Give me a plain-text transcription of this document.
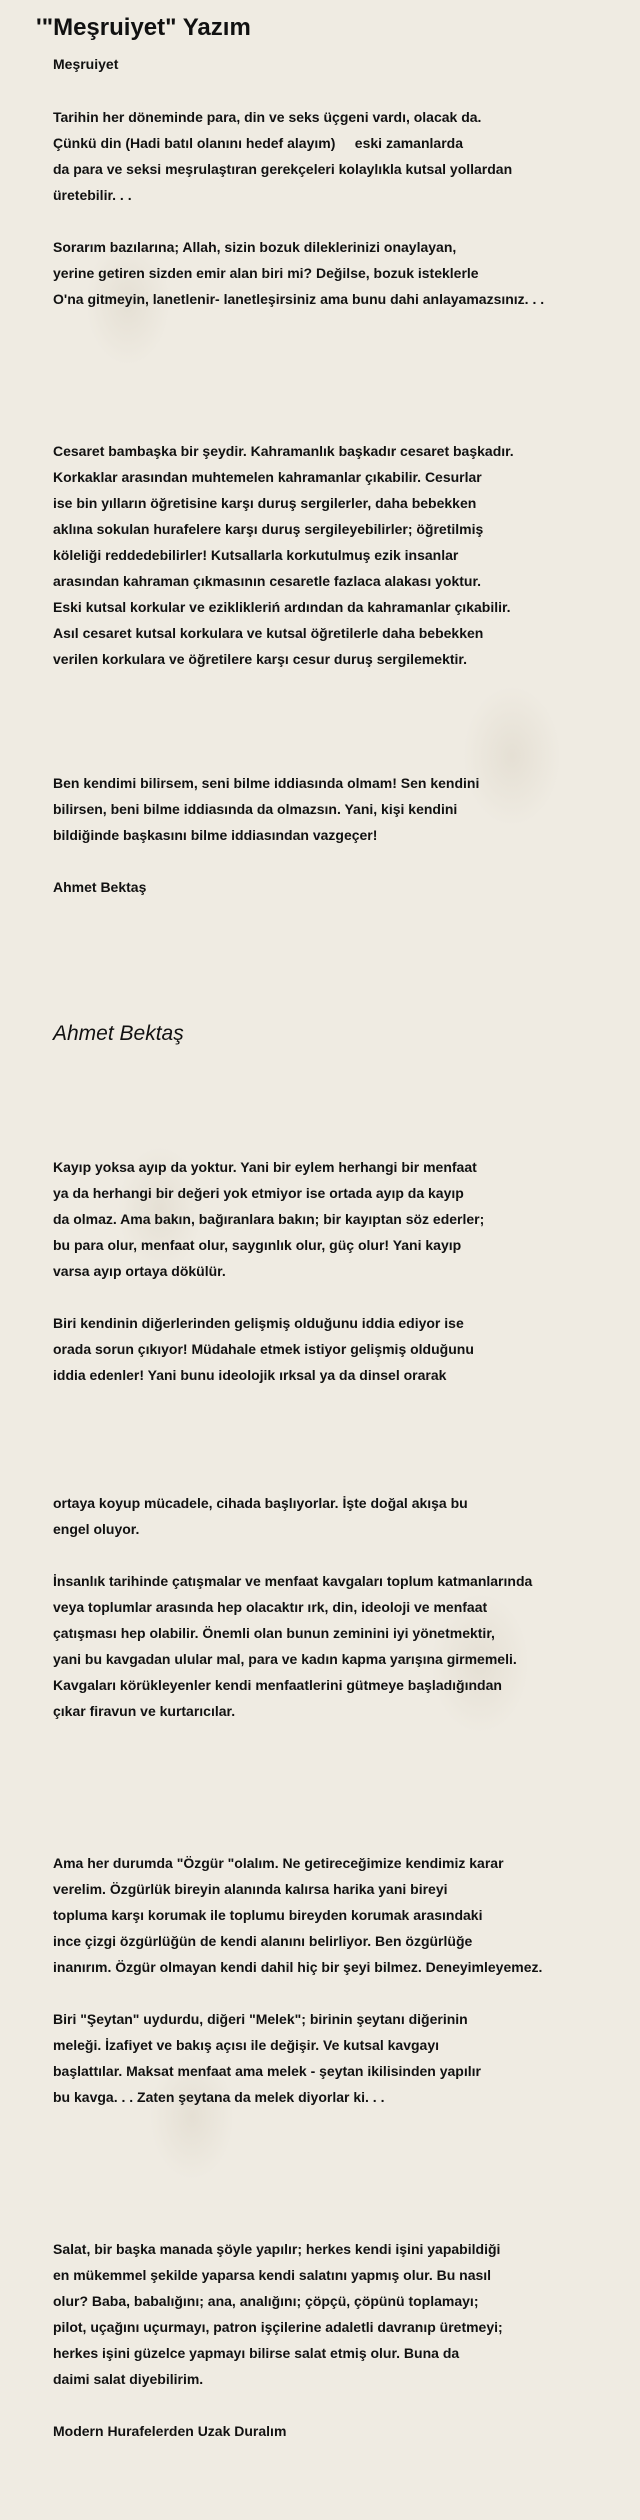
'"Meşruiyet" Yazım
Meşruiyet
Tarihin her döneminde para, din ve seks üçgeni vardı, olacak da.
Çünkü din (Hadi batıl olanını hedef alayım)     eski zamanlarda
da para ve seksi meşrulaştıran gerekçeleri kolaylıkla kutsal yollardan
üretebilir. . .
Sorarım bazılarına; Allah, sizin bozuk dileklerinizi onaylayan,
yerine getiren sizden emir alan biri mi? Değilse, bozuk isteklerle
O'na gitmeyin, lanetlenir- lanetleşirsiniz ama bunu dahi anlayamazsınız. . .
Cesaret bambaşka bir şeydir. Kahramanlık başkadır cesaret başkadır.
Korkaklar arasından muhtemelen kahramanlar çıkabilir. Cesurlar
ise bin yılların öğretisine karşı duruş sergilerler, daha bebekken
aklına sokulan hurafelere karşı duruş sergileyebilirler; öğretilmiş
köleliği reddedebilirler! Kutsallarla korkutulmuş ezik insanlar
arasından kahraman çıkmasının cesaretle fazlaca alakası yoktur.
Eski kutsal korkular ve eziklikleriń ardından da kahramanlar çıkabilir.
Asıl cesaret kutsal korkulara ve kutsal öğretilerle daha bebekken
verilen korkulara ve öğretilere karşı cesur duruş sergilemektir.
Ben kendimi bilirsem, seni bilme iddiasında olmam! Sen kendini
bilirsen, beni bilme iddiasında da olmazsın. Yani, kişi kendini
bildiğinde başkasını bilme iddiasından vazgeçer!
Ahmet Bektaş
Ahmet Bektaş
Kayıp yoksa ayıp da yoktur. Yani bir eylem herhangi bir menfaat
ya da herhangi bir değeri yok etmiyor ise ortada ayıp da kayıp
da olmaz. Ama bakın, bağıranlara bakın; bir kayıptan söz ederler;
bu para olur, menfaat olur, saygınlık olur, güç olur! Yani kayıp
varsa ayıp ortaya dökülür.
Biri kendinin diğerlerinden gelişmiş olduğunu iddia ediyor ise
orada sorun çıkıyor! Müdahale etmek istiyor gelişmiş olduğunu
iddia edenler! Yani bunu ideolojik ırksal ya da dinsel orarak
ortaya koyup mücadele, cihada başlıyorlar. İşte doğal akışa bu
engel oluyor.
İnsanlık tarihinde çatışmalar ve menfaat kavgaları toplum katmanlarında
veya toplumlar arasında hep olacaktır ırk, din, ideoloji ve menfaat
çatışması hep olabilir. Önemli olan bunun zeminini iyi yönetmektir,
yani bu kavgadan ulular mal, para ve kadın kapma yarışına girmemeli.
Kavgaları körükleyenler kendi menfaatlerini gütmeye başladığından
çıkar firavun ve kurtarıcılar.
Ama her durumda "Özgür "olalım. Ne getireceğimize kendimiz karar
verelim. Özgürlük bireyin alanında kalırsa harika yani bireyi
topluma karşı korumak ile toplumu bireyden korumak arasındaki
ince çizgi özgürlüğün de kendi alanını belirliyor. Ben özgürlüğe
inanırım. Özgür olmayan kendi dahil hiç bir şeyi bilmez. Deneyimleyemez.
Biri "Şeytan" uydurdu, diğeri "Melek"; birinin şeytanı diğerinin
meleği. İzafiyet ve bakış açısı ile değişir. Ve kutsal kavgayı
başlattılar. Maksat menfaat ama melek - şeytan ikilisinden yapılır
bu kavga. . . Zaten şeytana da melek diyorlar ki. . .
Salat, bir başka manada şöyle yapılır; herkes kendi işini yapabildiği
en mükemmel şekilde yaparsa kendi salatını yapmış olur. Bu nasıl
olur? Baba, babalığını; ana, analığını; çöpçü, çöpünü toplamayı;
pilot, uçağını uçurmayı, patron işçilerine adaletli davranıp üretmeyi;
herkes işini güzelce yapmayı bilirse salat etmiş olur. Buna da
daimi salat diyebilirim.
Modern Hurafelerden Uzak Duralım
